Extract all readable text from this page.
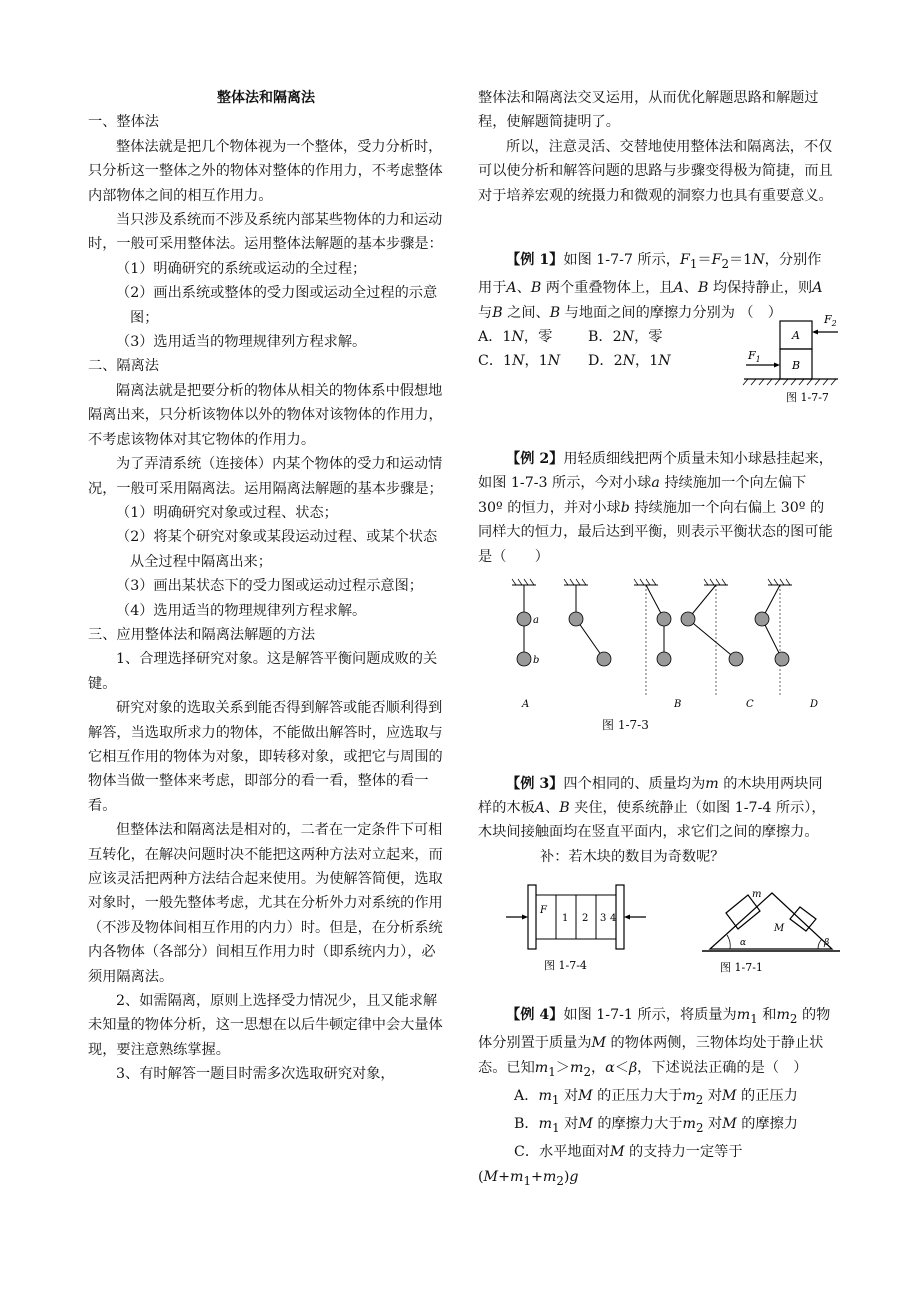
整体法和隔离法

一、整体法

整体法就是把几个物体视为一个整体，受力分析时，只分析这一整体之外的物体对整体的作用力，不考虑整体内部物体之间的相互作用力。

当只涉及系统而不涉及系统内部某些物体的力和运动时，一般可采用整体法。运用整体法解题的基本步骤是：

（1）明确研究的系统或运动的全过程；

（2）画出系统或整体的受力图或运动全过程的示意图；

（3）选用适当的物理规律列方程求解。

二、隔离法

隔离法就是把要分析的物体从相关的物体系中假想地隔离出来，只分析该物体以外的物体对该物体的作用力，不考虑该物体对其它物体的作用力。

为了弄清系统（连接体）内某个物体的受力和运动情况，一般可采用隔离法。运用隔离法解题的基本步骤是；

（1）明确研究对象或过程、状态；

（2）将某个研究对象或某段运动过程、或某个状态从全过程中隔离出来；

（3）画出某状态下的受力图或运动过程示意图；

（4）选用适当的物理规律列方程求解。

三、应用整体法和隔离法解题的方法

1、合理选择研究对象。这是解答平衡问题成败的关键。

研究对象的选取关系到能否得到解答或能否顺利得到解答，当选取所求力的物体，不能做出解答时，应选取与它相互作用的物体为对象，即转移对象，或把它与周围的物体当做一整体来考虑，即部分的看一看，整体的看一看。

但整体法和隔离法是相对的，二者在一定条件下可相互转化，在解决问题时决不能把这两种方法对立起来，而应该灵活把两种方法结合起来使用。为使解答简便，选取对象时，一般先整体考虑，尤其在分析外力对系统的作用（不涉及物体间相互作用的内力）时。但是，在分析系统内各物体（各部分）间相互作用力时（即系统内力），必须用隔离法。

2、如需隔离，原则上选择受力情况少，且又能求解未知量的物体分析，这一思想在以后牛顿定律中会大量体现，要注意熟练掌握。

3、有时解答一题目时需多次选取研究对象，

整体法和隔离法交叉运用，从而优化解题思路和解题过程，使解题简捷明了。

所以，注意灵活、交替地使用整体法和隔离法，不仅可以使分析和解答问题的思路与步骤变得极为简捷，而且对于培养宏观的统摄力和微观的洞察力也具有重要意义。

【例 1】如图 1-7-7 所示，$F_1=F_2=1N$，分别作用于A、B 两个重叠物体上，且A、B 均保持静止，则A 与B 之间、B 与地面之间的摩擦力分别为 （　）

A．1N，零	B．2N，零
C．1N，1N	D．2N，1N
A
B
$F_2$
$F_1$
图 1-7-7

【例 2】用轻质细线把两个质量未知小球悬挂起来，如图 1-7-3 所示，今对小球a 持续施加一个向左偏下 30º 的恒力，并对小球b 持续施加一个向右偏上 30º 的同样大的恒力，最后达到平衡，则表示平衡状态的图可能是（　　）

a
b
A	B	C	D

图 1-7-3

【例 3】四个相同的、质量均为m 的木块用两块同样的木板A、B 夹住，使系统静止（如图 1-7-4 所示），木块间接触面均在竖直平面内，求它们之间的摩擦力。

补：若木块的数目为奇数呢？

F
1 2 3 4
图 1-7-4
m
M
α	β
图 1-7-1

【例 4】如图 1-7-1 所示，将质量为$m_1$ 和$m_2$ 的物体分别置于质量为M 的物体两侧，三物体均处于静止状态。已知$m_1>m_2$，α＜β，下述说法正确的是（　）

A．$m_1$ 对M 的正压力大于$m_2$ 对M 的正压力

B．$m_1$ 对M 的摩擦力大于$m_2$ 对M 的摩擦力

C．水平地面对M 的支持力一定等于

$(M+m_1+m_2)g$
